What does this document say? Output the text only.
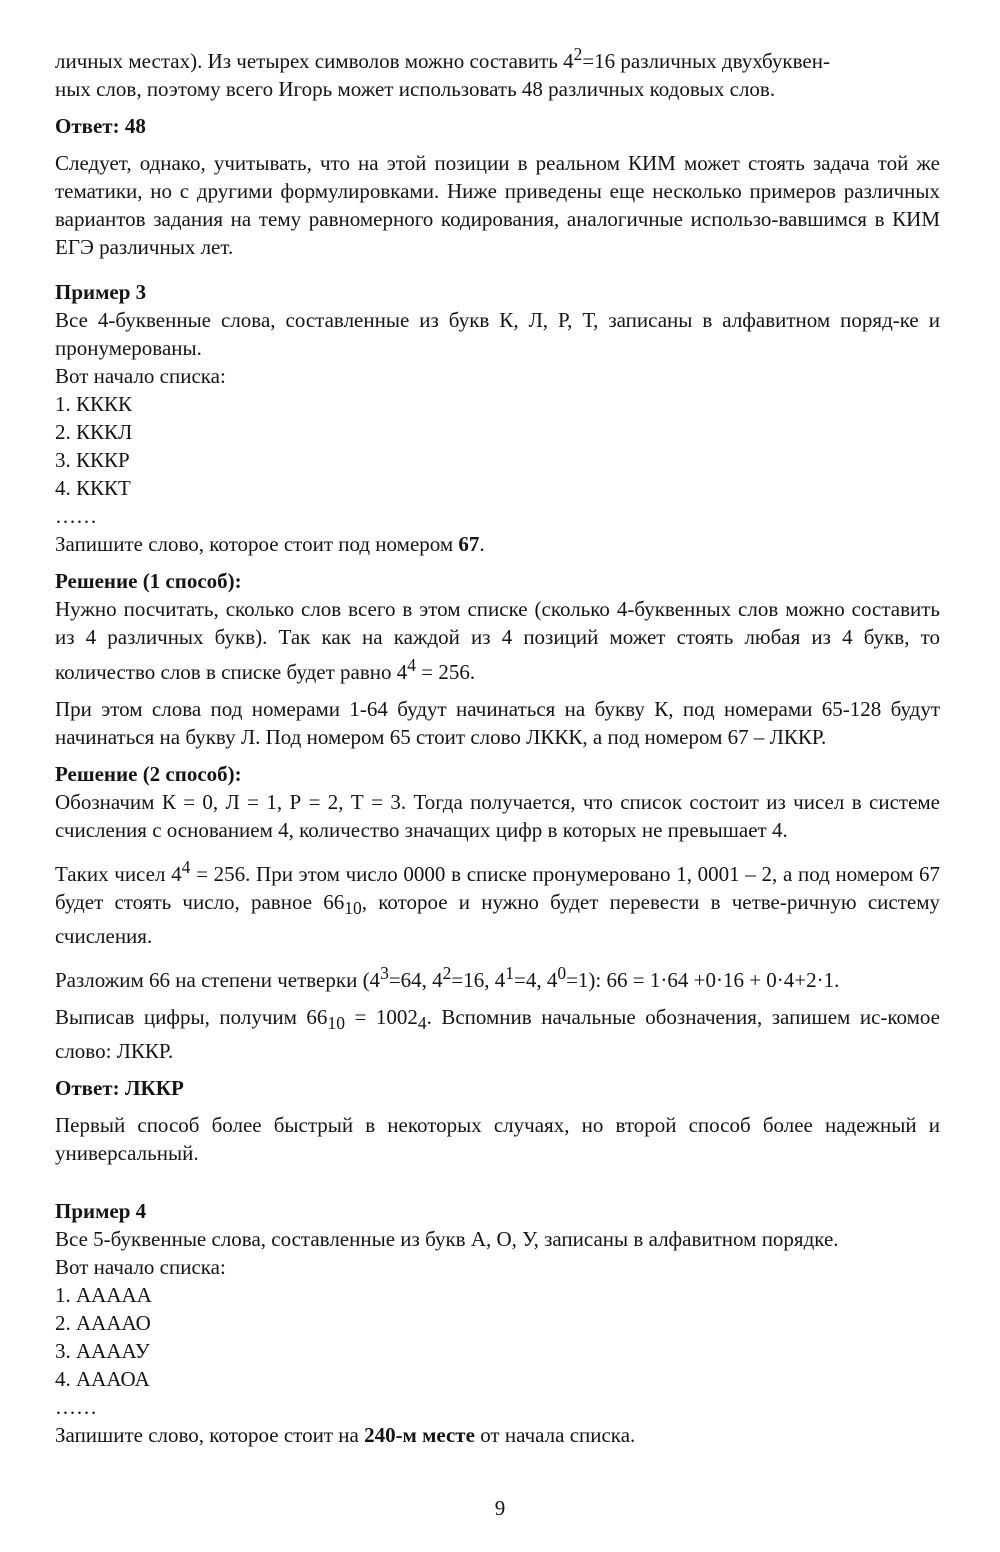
личных местах). Из четырех символов можно составить $4^2=16$ различных двухбуквен-
ных слов, поэтому всего Игорь может использовать 48 различных кодовых слов.

Ответ: 48

Следует, однако, учитывать, что на этой позиции в реальном КИМ может стоять задача той же тематики, но с другими формулировками. Ниже приведены еще несколько примеров различных вариантов задания на тему равномерного кодирования, аналогичные использо-вавшимся в КИМ ЕГЭ различных лет.

Пример 3

Все 4-буквенные слова, составленные из букв К, Л, Р, Т, записаны в алфавитном поряд-ке и пронумерованы.

Вот начало списка:

1. КККК
2. КККЛ
3. КККР
4. КККТ
……

Запишите слово, которое стоит под номером 67.

Решение (1 способ):

Нужно посчитать, сколько слов всего в этом списке (сколько 4-буквенных слов можно составить из 4 различных букв). Так как на каждой из 4 позиций может стоять любая из 4 букв, то количество слов в списке будет равно $4^4 = 256$.

При этом слова под номерами 1-64 будут начинаться на букву К, под номерами 65-128 будут начинаться на букву Л. Под номером 65 стоит слово ЛККК, а под номером 67 – ЛККР.

Решение (2 способ):

Обозначим К = 0, Л = 1, Р = 2, Т = 3. Тогда получается, что список состоит из чисел в системе счисления с основанием 4, количество значащих цифр в которых не превышает 4.

Таких чисел $4^4 = 256$. При этом число 0000 в списке пронумеровано 1, 0001 – 2, а под номером 67 будет стоять число, равное $66_{10}$, которое и нужно будет перевести в четве-ричную систему счисления.

Разложим 66 на степени четверки ($4^3=64$, $4^2=16$, $4^1=4$, $4^0=1$): 66 = 1·64 +0·16 + 0·4+2·1.

Выписав цифры, получим $66_{10} = 1002_4$. Вспомнив начальные обозначения, запишем ис-комое слово: ЛККР.

Ответ: ЛККР

Первый способ более быстрый в некоторых случаях, но второй способ более надежный и универсальный.

Пример 4

Все 5-буквенные слова, составленные из букв А, О, У, записаны в алфавитном порядке.

Вот начало списка:

1. ААААА
2. ААААО
3. ААААУ
4. АААОА
……

Запишите слово, которое стоит на 240-м месте от начала списка.

9
